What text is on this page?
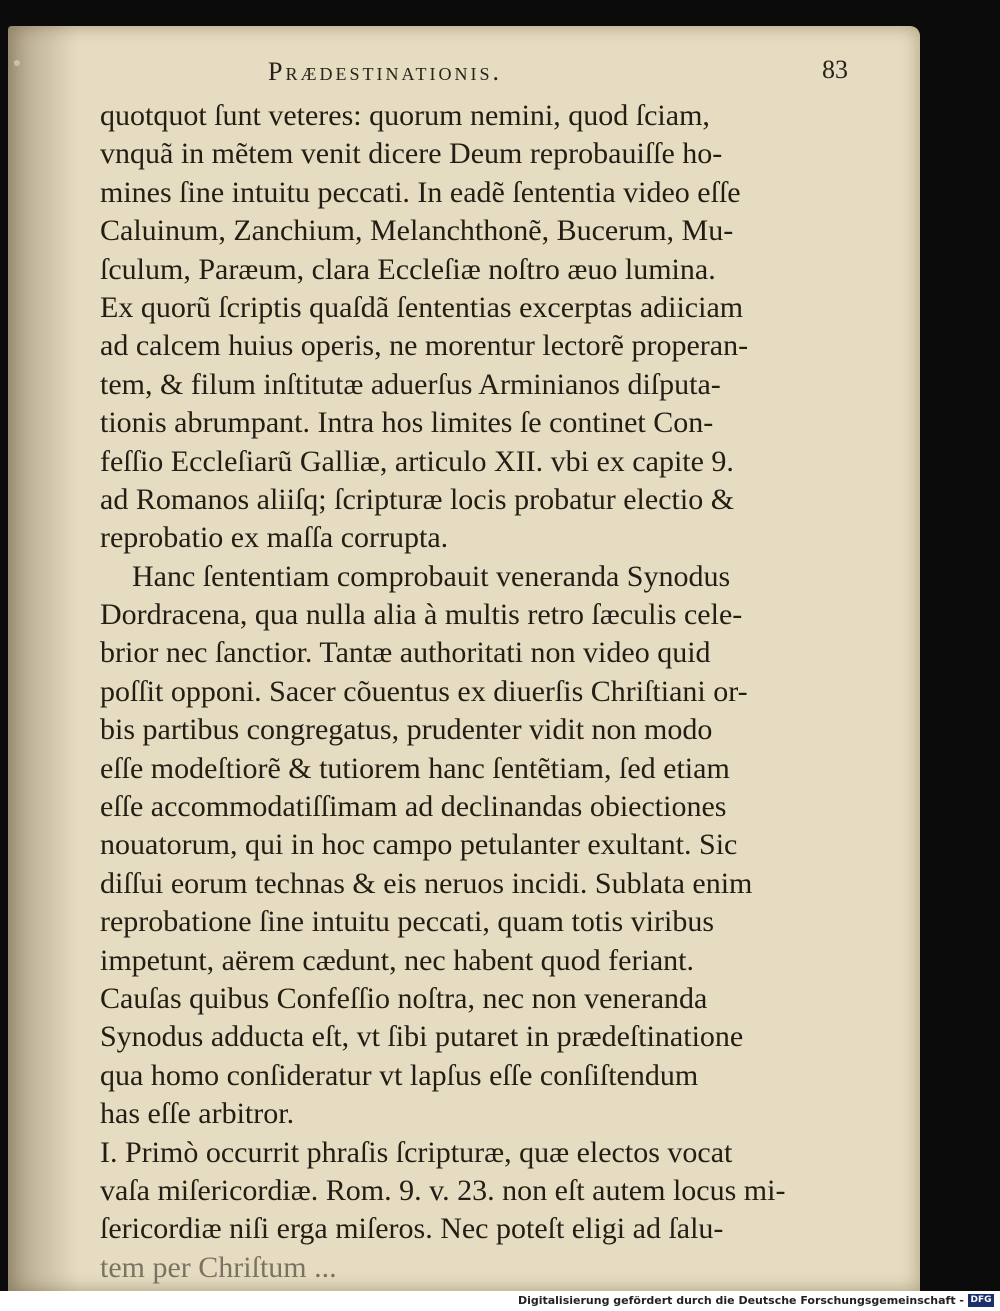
Prædestinationis.	83
quotquot ſunt veteres: quorum nemini, quod ſciam,
vnquã in mẽtem venit dicere Deum reprobauiſſe ho-
mines ſine intuitu peccati. In eadẽ ſententia video eſſe
Caluinum, Zanchium, Melanchthonẽ, Bucerum, Mu-
ſculum, Paræum, clara Eccleſiæ noſtro æuo lumina.
Ex quorũ ſcriptis quaſdã ſententias excerptas adiiciam
ad calcem huius operis, ne morentur lectorẽ properan-
tem, & filum inſtitutæ aduerſus Arminianos diſputa-
tionis abrumpant. Intra hos limites ſe continet Con-
feſſio Eccleſiarũ Galliæ, articulo XII. vbi ex capite 9.
ad Romanos aliiſq; ſcripturæ locis probatur electio &
reprobatio ex maſſa corrupta.
Hanc ſententiam comprobauit veneranda Synodus
Dordracena, qua nulla alia à multis retro ſæculis cele-
brior nec ſanctior. Tantæ authoritati non video quid
poſſit opponi. Sacer cõuentus ex diuerſis Chriſtiani or-
bis partibus congregatus, prudenter vidit non modo
eſſe modeſtiorẽ & tutiorem hanc ſentẽtiam, ſed etiam
eſſe accommodatiſſimam ad declinandas obiectiones
nouatorum, qui in hoc campo petulanter exultant. Sic
diſſui eorum technas & eis neruos incidi. Sublata enim
reprobatione ſine intuitu peccati, quam totis viribus
impetunt, aërem cædunt, nec habent quod feriant.
Cauſas quibus Confeſſio noſtra, nec non veneranda
Synodus adducta eſt, vt ſibi putaret in prædeſtinatione
qua homo conſideratur vt lapſus eſſe conſiſtendum
has eſſe arbitror.
I. Primò occurrit phraſis ſcripturæ, quæ electos vocat
vaſa miſericordiæ. Rom. 9. v. 23. non eſt autem locus mi-
ſericordiæ niſi erga miſeros. Nec poteſt eligi ad ſalu-
tem per Chriſtum ...
Digitalisierung gefördert durch die Deutsche Forschungsgemeinschaft - DFG
